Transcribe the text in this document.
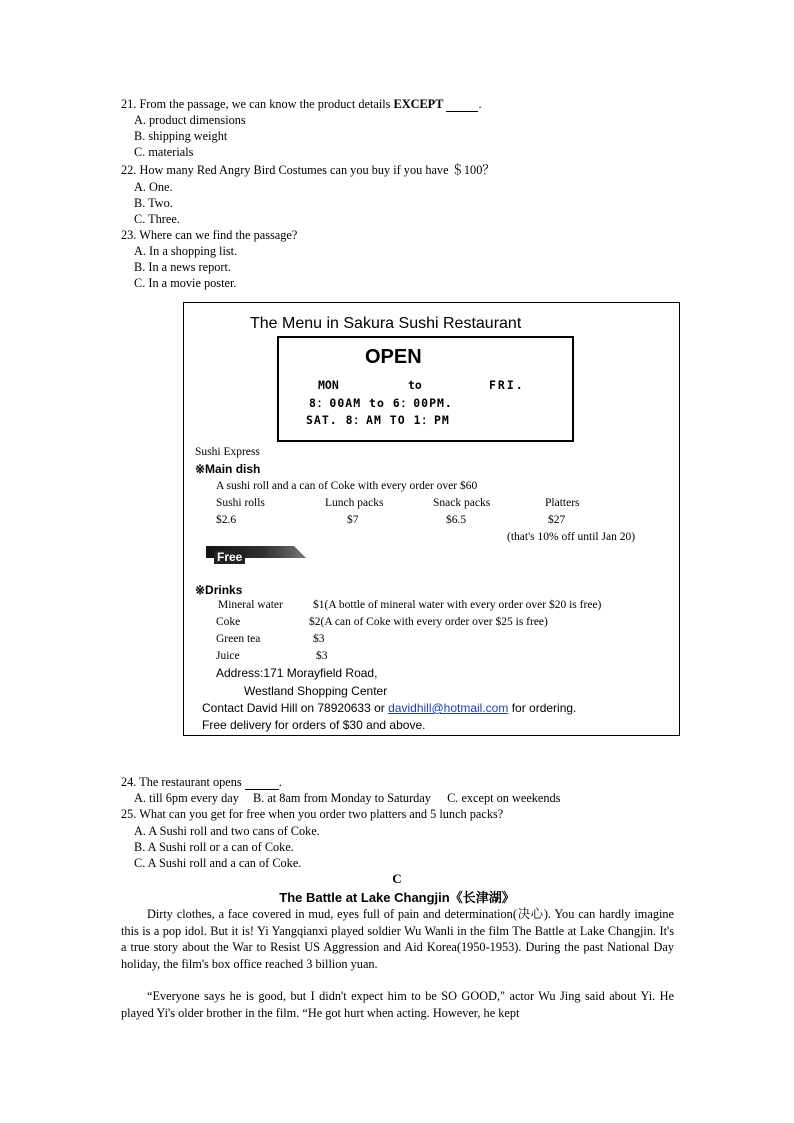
21. From the passage, we can know the product details EXCEPT	.
A. product dimensions
B. shipping weight
C. materials
22. How many Red Angry Bird Costumes can you buy if you have ＄100？
A. One.
B. Two.
C. Three.
23. Where can we find the passage?
A. In a shopping list.
B. In a news report.
C. In a movie poster.
The Menu in Sakura Sushi Restaurant
OPEN
MON	to	FRI.
8：00AM to 6：00PM.
SAT. 8：AM TO 1：PM
Sushi Express
※Main dish
A sushi roll and a can of Coke with every order over $60
Sushi rolls	Lunch packs	Snack packs	Platters
$2.6	$7	$6.5	$27
(that's 10% off until Jan 20)
Free
※Drinks
Mineral water	$1(A bottle of mineral water with every order over $20 is free)
Coke	$2(A can of Coke with every order over $25 is free)
Green tea	$3
Juice	$3
Address:171 Morayfield Road,
Westland Shopping Center
Contact David Hill on 78920633 or davidhill@hotmail.com for ordering.
Free delivery for orders of $30 and above.
24. The restaurant opens	.
A. till 6pm every day B. at 8am from Monday to Saturday C. except on weekends
25. What can you get for free when you order two platters and 5 lunch packs?
A. A Sushi roll and two cans of Coke.
B. A Sushi roll or a can of Coke.
C. A Sushi roll and a can of Coke.
C
The Battle at Lake Changjin《长津湖》
Dirty clothes, a face covered in mud, eyes full of pain and determination(决心). You can hardly imagine this is a pop idol. But it is! Yi Yangqianxi played soldier Wu Wanli in the film The Battle at Lake Changjin. It's a true story about the War to Resist US Aggression and Aid Korea(1950-1953). During the past National Day holiday, the film's box office reached 3 billion yuan.
“Everyone says he is good, but I didn't expect him to be SO GOOD," actor Wu Jing said about Yi. He played Yi's older brother in the film. “He got hurt when acting. However, he kept
